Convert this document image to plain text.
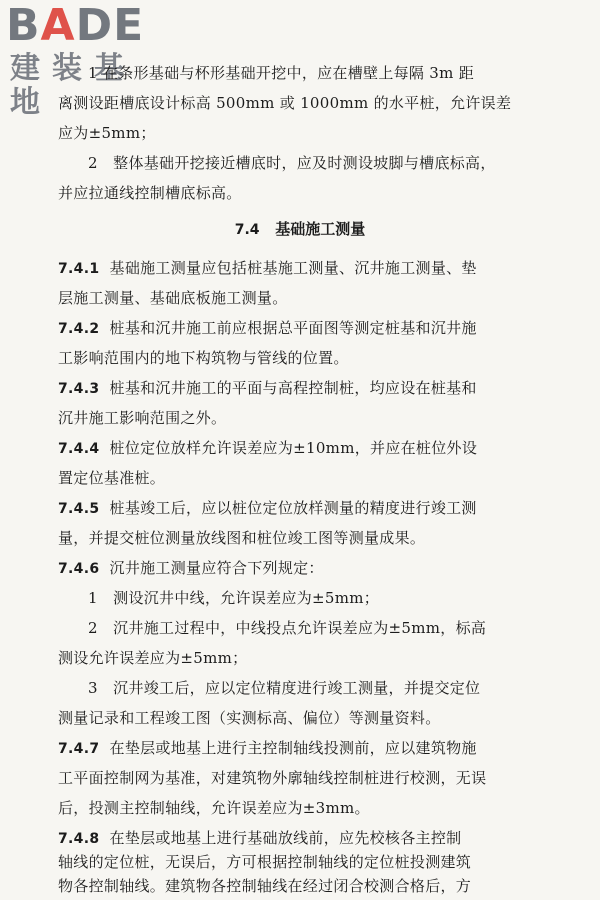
BADE
建装基地
1 在条形基础与杯形基础开挖中，应在槽壁上每隔 3m 距
离测设距槽底设计标高 500mm 或 1000mm 的水平桩，允许误差
应为±5mm；
2　整体基础开挖接近槽底时，应及时测设坡脚与槽底标高，
并应拉通线控制槽底标高。
7.4 基础施工测量
7.4.1 基础施工测量应包括桩基施工测量、沉井施工测量、垫
层施工测量、基础底板施工测量。
7.4.2 桩基和沉井施工前应根据总平面图等测定桩基和沉井施
工影响范围内的地下构筑物与管线的位置。
7.4.3 桩基和沉井施工的平面与高程控制桩，均应设在桩基和
沉井施工影响范围之外。
7.4.4 桩位定位放样允许误差应为±10mm，并应在桩位外设
置定位基准桩。
7.4.5 桩基竣工后，应以桩位定位放样测量的精度进行竣工测
量，并提交桩位测量放线图和桩位竣工图等测量成果。
7.4.6 沉井施工测量应符合下列规定：
1　测设沉井中线，允许误差应为±5mm；
2　沉井施工过程中，中线投点允许误差应为±5mm，标高
测设允许误差应为±5mm；
3　沉井竣工后，应以定位精度进行竣工测量，并提交定位
测量记录和工程竣工图（实测标高、偏位）等测量资料。
7.4.7 在垫层或地基上进行主控制轴线投测前，应以建筑物施
工平面控制网为基准，对建筑物外廓轴线控制桩进行校测，无误
后，投测主控制轴线，允许误差应为±3mm。
7.4.8 在垫层或地基上进行基础放线前，应先校核各主控制
轴线的定位桩，无误后，方可根据控制轴线的定位桩投测建筑
物各控制轴线。建筑物各控制轴线在经过闭合校测合格后，方
